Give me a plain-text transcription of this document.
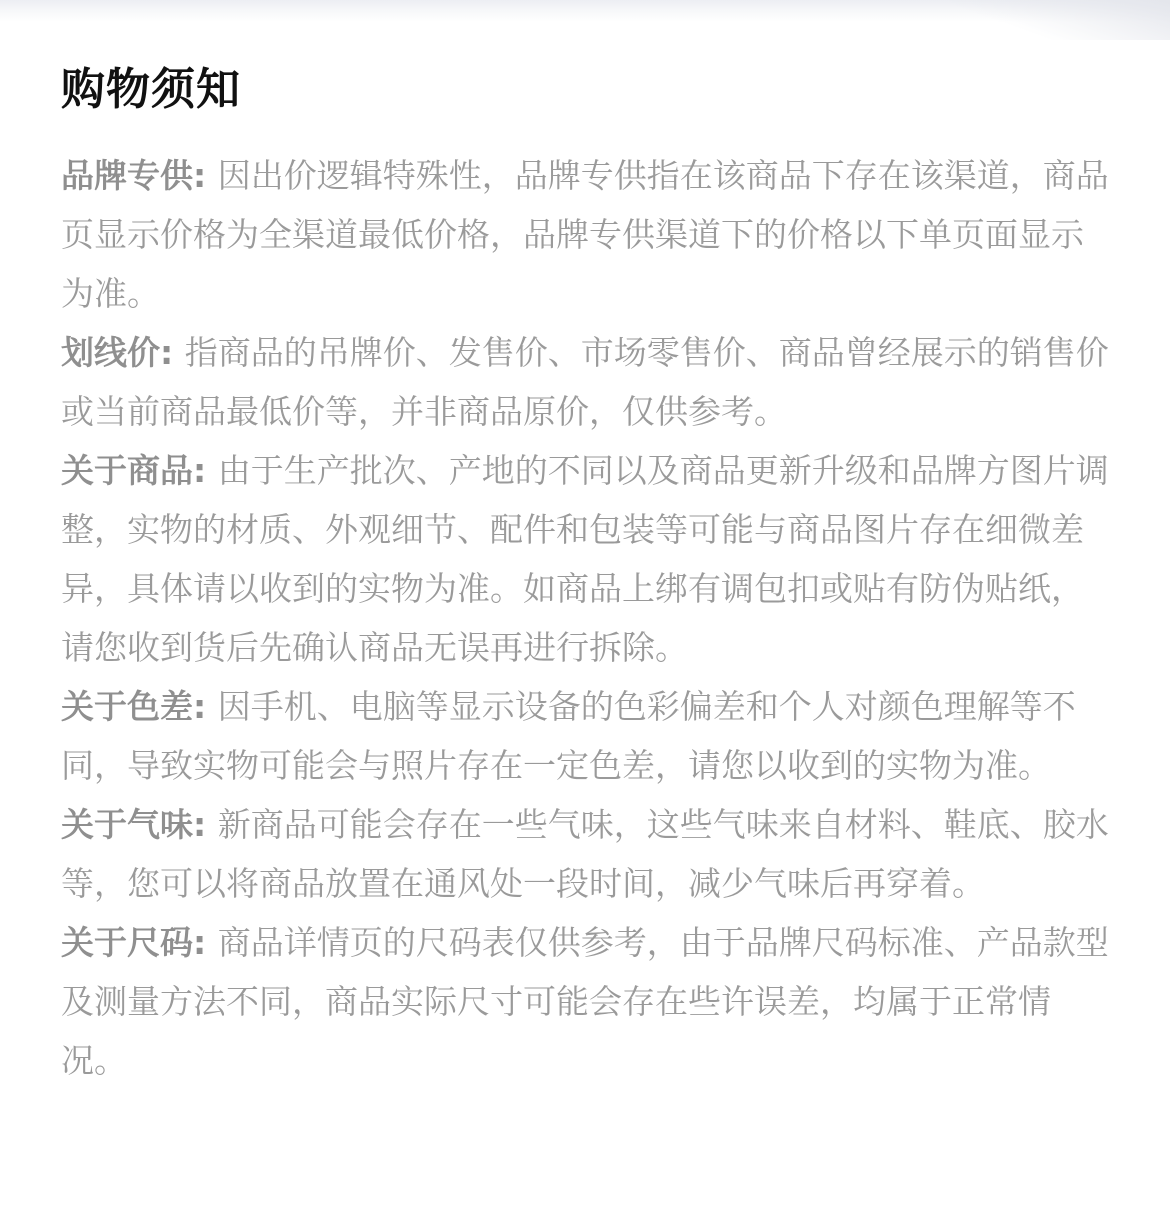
购物须知

品牌专供: 因出价逻辑特殊性，品牌专供指在该商品下存在该渠道，商品页显示价格为全渠道最低价格，品牌专供渠道下的价格以下单页面显示为准。

划线价: 指商品的吊牌价、发售价、市场零售价、商品曾经展示的销售价或当前商品最低价等，并非商品原价，仅供参考。

关于商品: 由于生产批次、产地的不同以及商品更新升级和品牌方图片调整，实物的材质、外观细节、配件和包装等可能与商品图片存在细微差异，具体请以收到的实物为准。如商品上绑有调包扣或贴有防伪贴纸，请您收到货后先确认商品无误再进行拆除。

关于色差: 因手机、电脑等显示设备的色彩偏差和个人对颜色理解等不同，导致实物可能会与照片存在一定色差，请您以收到的实物为准。

关于气味: 新商品可能会存在一些气味，这些气味来自材料、鞋底、胶水等，您可以将商品放置在通风处一段时间，减少气味后再穿着。

关于尺码: 商品详情页的尺码表仅供参考，由于品牌尺码标准、产品款型及测量方法不同，商品实际尺寸可能会存在些许误差，均属于正常情况。
